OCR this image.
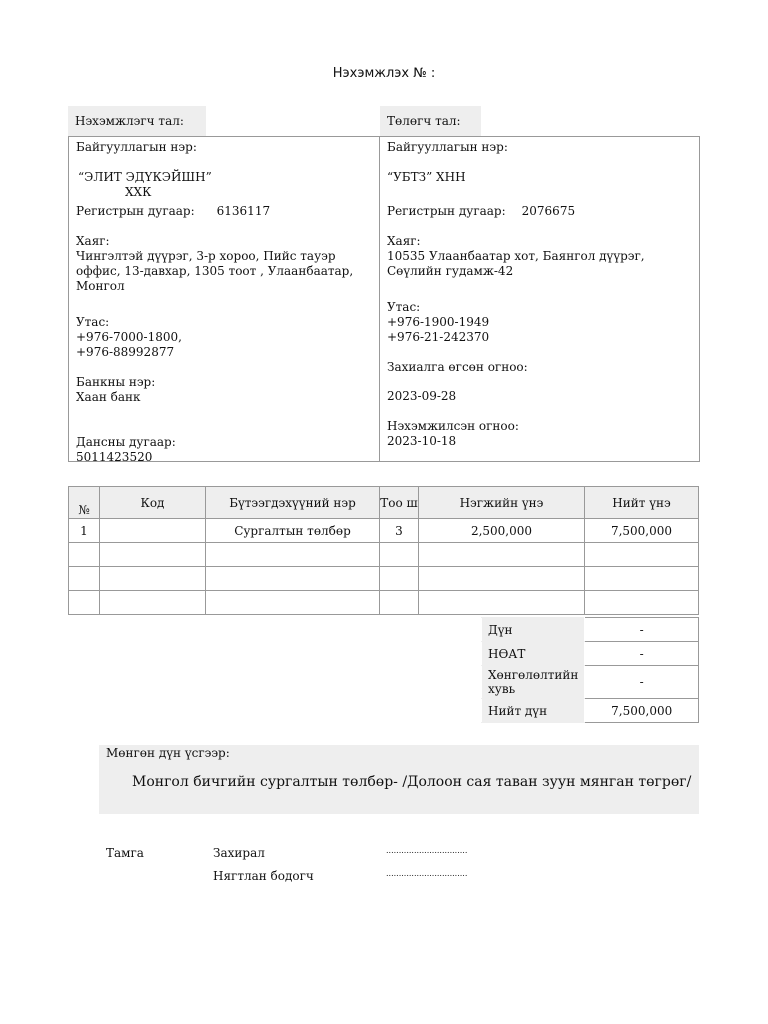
Нэхэмжлэх № :
Нэхэмжлэгч тал:	Төлөгч тал:

Байгууллагын нэр:

“ЭЛИТ ЭДҮКЭЙШН”

ХХК

Регистрын дугаар: 6136117

Хаяг:

Чингэлтэй дүүрэг, 3-р хороо, Пийс тауэр оффис, 13-давхар, 1305 тоот , Улаанбаатар, Монгол

Утас:

+976-7000-1800,

+976-88992877

Банкны нэр:

Хаан банк

Дансны дугаар:

5011423520

Байгууллагын нэр:

“УБТЗ” ХНН

Регистрын дугаар: 2076675

Хаяг:

10535 Улаанбаатар хот, Баянгол дүүрэг, Сөүлийн гудамж-42

Утас:

+976-1900-1949

+976-21-242370

Захиалга өгсөн огноо:

2023-09-28

Нэхэмжилсэн огноо:

2023-10-18

№	Код	Бүтээгдэхүүний нэр	Тоо ш	Нэгжийн үнэ	Нийт үнэ
1		Сургалтын төлбөр	3	2,500,000	7,500,000

Дүн	-
НӨАТ	-
Хөнгөлөлтийн хувь	-
Нийт дүн	7,500,000
Мөнгөн дүн үсгээр:
Монгол бичгийн сургалтын төлбөр- /Долоон сая таван зуун мянган төгрөг/
Тамга	Захирал	................................
Нягтлан бодогч	................................
